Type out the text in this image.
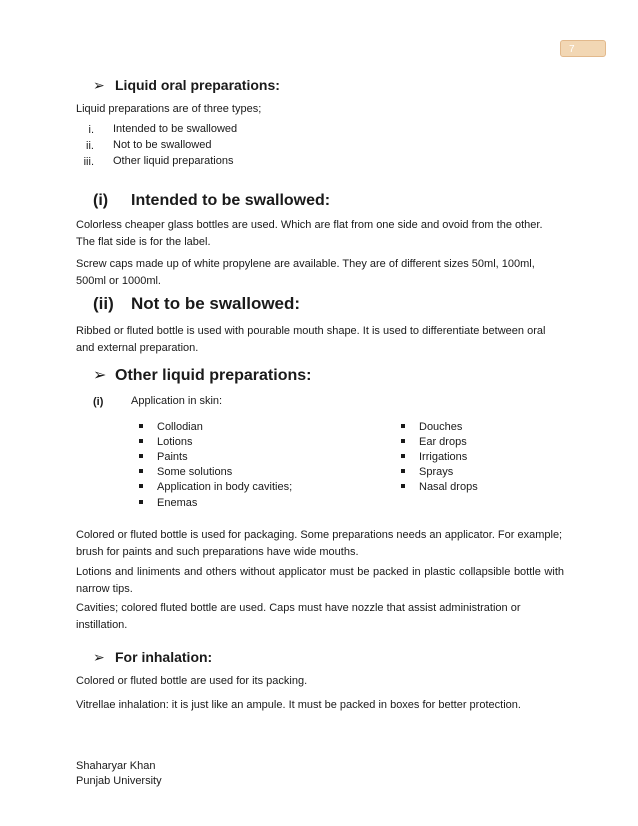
7
➢ Liquid oral preparations:
Liquid preparations are of three types;
i. Intended to be swallowed
ii. Not to be swallowed
iii. Other liquid preparations
(i) Intended to be swallowed:
Colorless cheaper glass bottles are used. Which are flat from one side and ovoid from the other. The flat side is for the label.
Screw caps made up of white propylene are available. They are of different sizes 50ml, 100ml, 500ml or 1000ml.
(ii) Not to be swallowed:
Ribbed or fluted bottle is used with pourable mouth shape. It is used to differentiate between oral and external preparation.
➢ Other liquid preparations:
(i)	Application in skin:
Collodian
Lotions
Paints
Some solutions
Application in body cavities;
Enemas
Douches
Ear drops
Irrigations
Sprays
Nasal drops
Colored or fluted bottle is used for packaging. Some preparations needs an applicator. For example; brush for paints and such preparations have wide mouths.
Lotions and liniments and others without applicator must be packed in plastic collapsible bottle with narrow tips.
Cavities; colored fluted bottle are used. Caps must have nozzle that assist administration or instillation.
➢ For inhalation:
Colored or fluted bottle are used for its packing.
Vitrellae inhalation: it is just like an ampule. It must be packed in boxes for better protection.
Shaharyar Khan
Punjab University
